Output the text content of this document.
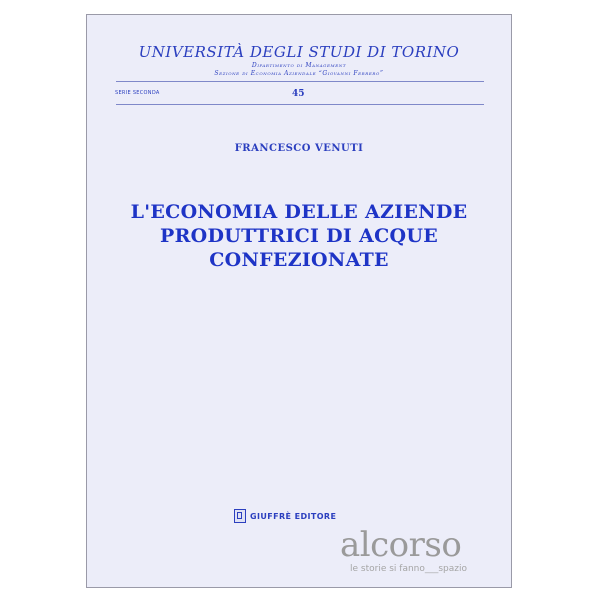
UNIVERSITÀ DEGLI STUDI DI TORINO
Dipartimento di Management
Sezione di Economia Aziendale “Giovanni Ferrero”
SERIE SECONDA	45
FRANCESCO VENUTI
L'ECONOMIA DELLE AZIENDE
PRODUTTRICI DI ACQUE
CONFEZIONATE
GIUFFRÈ EDITORE
alcorso
le storie si fanno___spazio
